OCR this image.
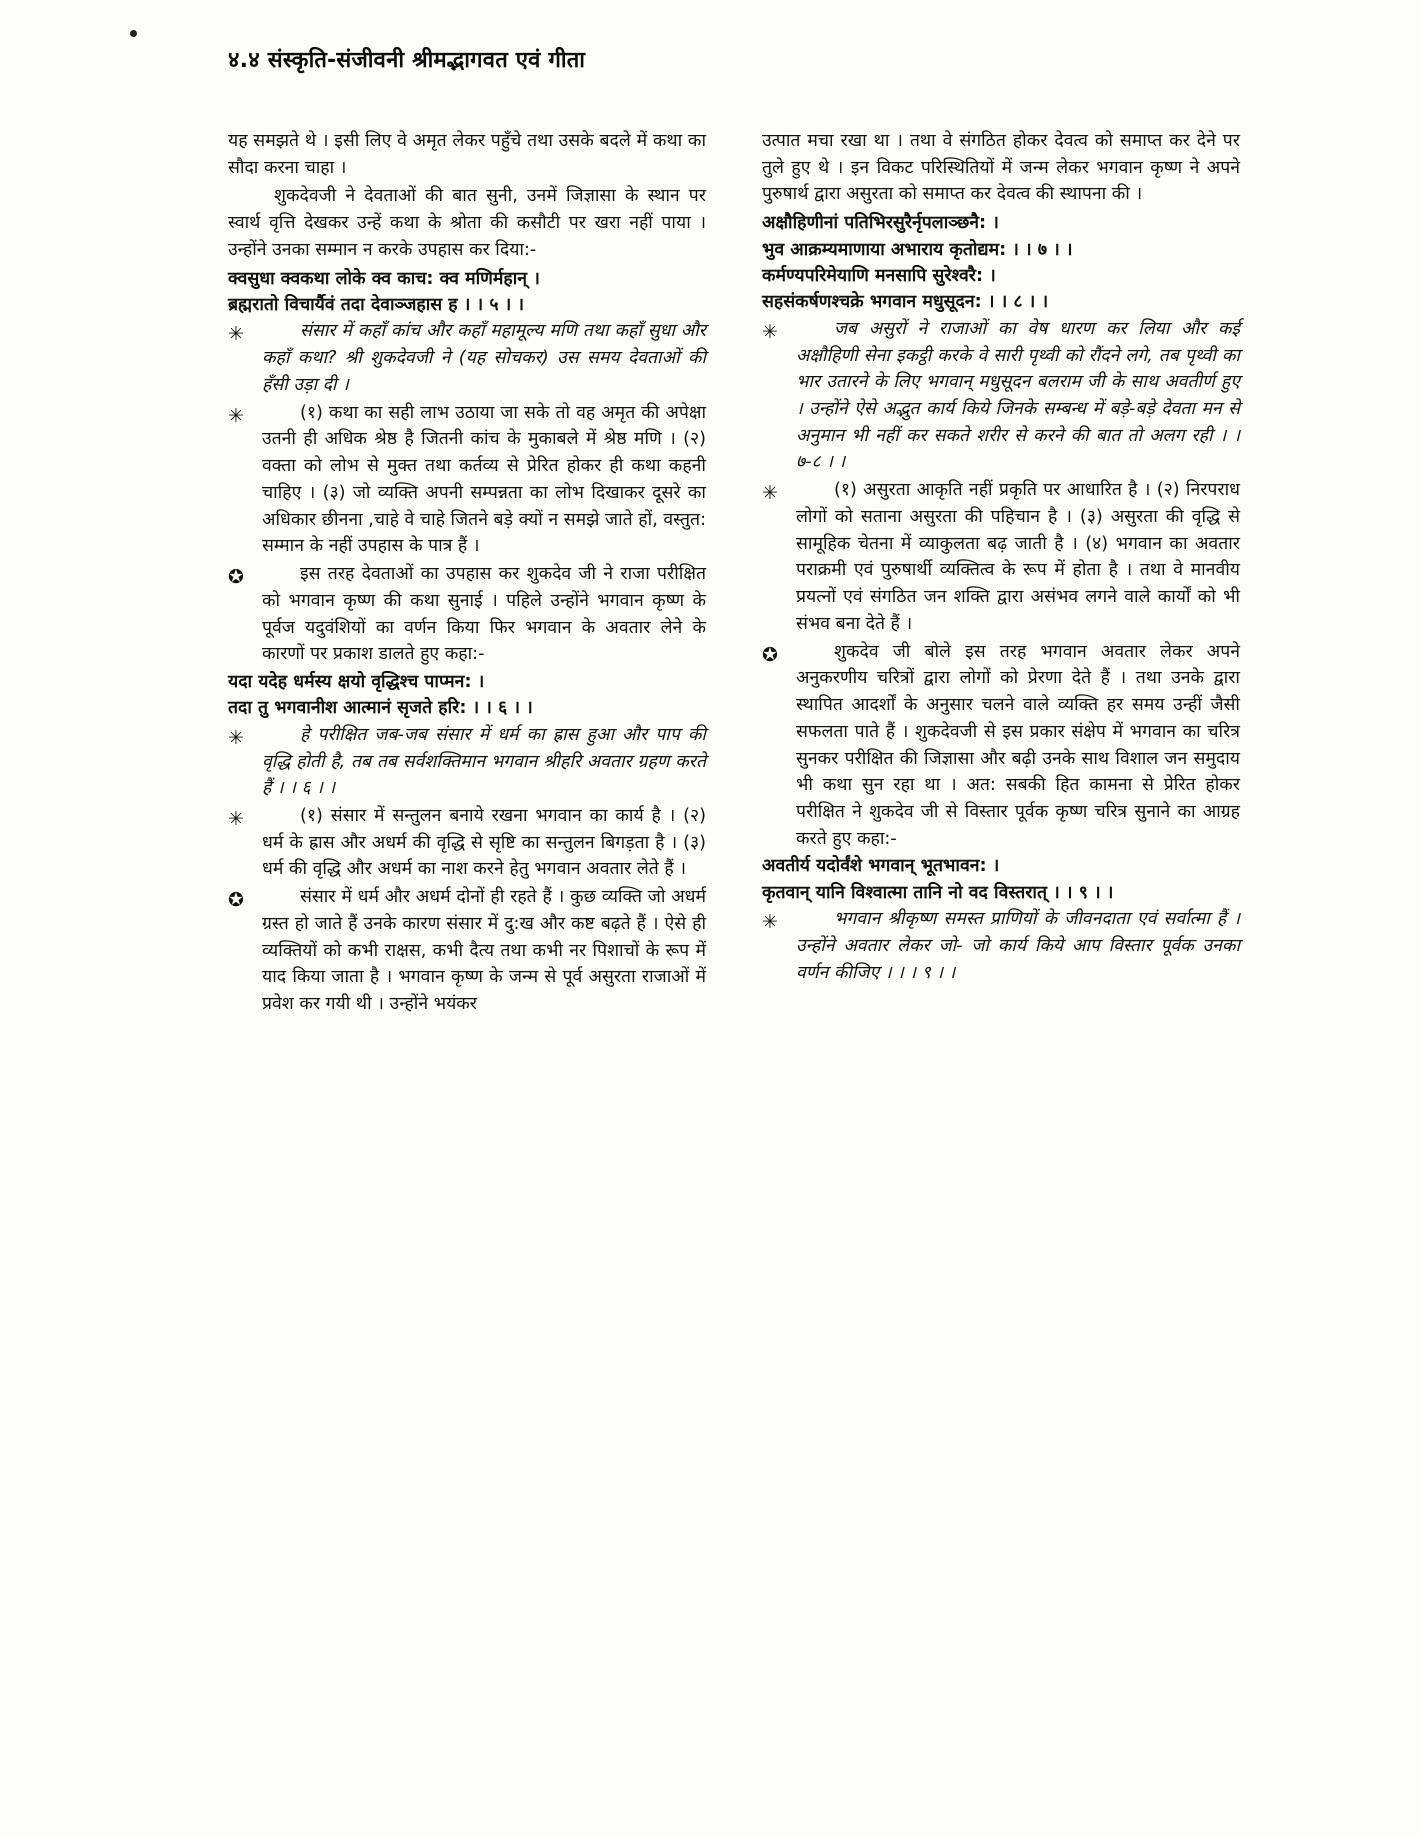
४.४ संस्कृति-संजीवनी श्रीमद्भागवत एवं गीता

यह समझते थे । इसी लिए वे अमृत लेकर पहुँचे तथा उसके बदले में कथा का सौदा करना चाहा ।

शुकदेवजी ने देवताओं की बात सुनी, उनमें जिज्ञासा के स्थान पर स्वार्थ वृत्ति देखकर उन्हें कथा के श्रोता की कसौटी पर खरा नहीं पाया । उन्होंने उनका सम्मान न करके उपहास कर दिया:-

क्वसुधा क्वकथा लोके क्व काच: क्व मणिर्महान् ।

ब्रह्मरातो विचार्यैवं तदा देवाञ्जहास ह । । ५ । ।

✳	संसार में कहाँ कांच और कहाँ महामूल्य मणि तथा कहाँ सुधा और कहाँ कथा? श्री शुकदेवजी ने (यह सोचकर) उस समय देवताओं की हँसी उड़ा दी ।
✳	(१) कथा का सही लाभ उठाया जा सके तो वह अमृत की अपेक्षा उतनी ही अधिक श्रेष्ठ है जितनी कांच के मुकाबले में श्रेष्ठ मणि । (२) वक्ता को लोभ से मुक्त तथा कर्तव्य से प्रेरित होकर ही कथा कहनी चाहिए । (३) जो व्यक्ति अपनी सम्पन्नता का लोभ दिखाकर दूसरे का अधिकार छीनना ,चाहे वे चाहे जितने बड़े क्यों न समझे जाते हों, वस्तुत: सम्मान के नहीं उपहास के पात्र हैं ।
✪	इस तरह देवताओं का उपहास कर शुकदेव जी ने राजा परीक्षित को भगवान कृष्ण की कथा सुनाई । पहिले उन्होंने भगवान कृष्ण के पूर्वज यदुवंशियों का वर्णन किया फिर भगवान के अवतार लेने के कारणों पर प्रकाश डालते हुए कहा:-

यदा यदेह धर्मस्य क्षयो वृद्धिश्च पाप्मन: ।

तदा तु भगवानीश आत्मानं सृजते हरि: । । ६ । ।

✳	हे परीक्षित जब-जब संसार में धर्म का ह्रास हुआ और पाप की वृद्धि होती है, तब तब सर्वशक्तिमान भगवान श्रीहरि अवतार ग्रहण करते हैं । । ६ । ।
✳	(१) संसार में सन्तुलन बनाये रखना भगवान का कार्य है । (२) धर्म के ह्रास और अधर्म की वृद्धि से सृष्टि का सन्तुलन बिगड़ता है । (३) धर्म की वृद्धि और अधर्म का नाश करने हेतु भगवान अवतार लेते हैं ।
✪	संसार में धर्म और अधर्म दोनों ही रहते हैं । कुछ व्यक्ति जो अधर्म ग्रस्त हो जाते हैं उनके कारण संसार में दु:ख और कष्ट बढ़ते हैं । ऐसे ही व्यक्तियों को कभी राक्षस, कभी दैत्य तथा कभी नर पिशाचों के रूप में याद किया जाता है । भगवान कृष्ण के जन्म से पूर्व असुरता राजाओं में प्रवेश कर गयी थी । उन्होंने भयंकर

उत्पात मचा रखा था । तथा वे संगठित होकर देवत्व को समाप्त कर देने पर तुले हुए थे । इन विकट परिस्थितियों में जन्म लेकर भगवान कृष्ण ने अपने पुरुषार्थ द्वारा असुरता को समाप्त कर देवत्व की स्थापना की ।

अक्षौहिणीनां पतिभिरसुरैर्नृपलाञ्छनै: ।

भुव आक्रम्यमाणाया अभाराय कृतोद्यम: । । ७ । ।

कर्मण्यपरिमेयाणि मनसापि सुरेश्वरै: ।

सहसंकर्षणश्चक्रे भगवान मधुसूदन: । । ८ । ।

✳	जब असुरों ने राजाओं का वेष धारण कर लिया और कई अक्षौहिणी सेना इकट्ठी करके वे सारी पृथ्वी को रौंदने लगे, तब पृथ्वी का भार उतारने के लिए भगवान् मधुसूदन बलराम जी के साथ अवतीर्ण हुए । उन्होंने ऐसे अद्भुत कार्य किये जिनके सम्बन्ध में बड़े-बड़े देवता मन से अनुमान भी नहीं कर सकते शरीर से करने की बात तो अलग रही । । ७-८ । ।
✳	(१) असुरता आकृति नहीं प्रकृति पर आधारित है । (२) निरपराध लोगों को सताना असुरता की पहिचान है । (३) असुरता की वृद्धि से सामूहिक चेतना में व्याकुलता बढ़ जाती है । (४) भगवान का अवतार पराक्रमी एवं पुरुषार्थी व्यक्तित्व के रूप में होता है । तथा वे मानवीय प्रयत्नों एवं संगठित जन शक्ति द्वारा असंभव लगने वाले कार्यों को भी संभव बना देते हैं ।
✪	शुकदेव जी बोले इस तरह भगवान अवतार लेकर अपने अनुकरणीय चरित्रों द्वारा लोगों को प्रेरणा देते हैं । तथा उनके द्वारा स्थापित आदर्शों के अनुसार चलने वाले व्यक्ति हर समय उन्हीं जैसी सफलता पाते हैं । शुकदेवजी से इस प्रकार संक्षेप में भगवान का चरित्र सुनकर परीक्षित की जिज्ञासा और बढ़ी उनके साथ विशाल जन समुदाय भी कथा सुन रहा था । अत: सबकी हित कामना से प्रेरित होकर परीक्षित ने शुकदेव जी से विस्तार पूर्वक कृष्ण चरित्र सुनाने का आग्रह करते हुए कहा:-

अवतीर्य यदोर्वंशे भगवान् भूतभावन: ।

कृतवान् यानि विश्वात्मा तानि नो वद विस्तरात् । । ९ । ।

✳	भगवान श्रीकृष्ण समस्त प्राणियों के जीवनदाता एवं सर्वात्मा हैं । उन्होंने अवतार लेकर जो- जो कार्य किये आप विस्तार पूर्वक उनका वर्णन कीजिए । । । ९ । ।
